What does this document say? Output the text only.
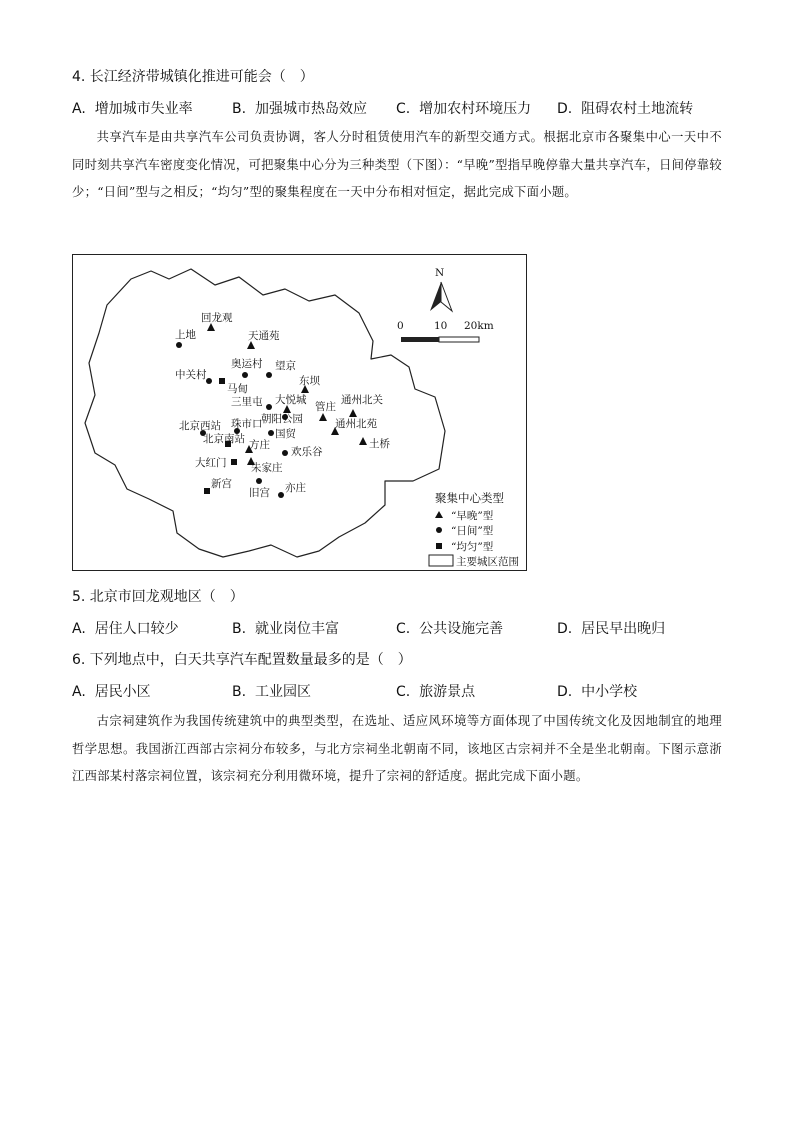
4. 长江经济带城镇化推进可能会（　）
A. 增加城市失业率	B. 加强城市热岛效应 C. 增加农村环境压力 D. 阻碍农村土地流转
共享汽车是由共享汽车公司负责协调，客人分时租赁使用汽车的新型交通方式。根据北京市各聚集中心一天中不同时刻共享汽车密度变化情况，可把聚集中心分为三种类型（下图）：“早晚”型指早晚停靠大量共享汽车，日间停靠较少；“日间”型与之相反；“均匀”型的聚集程度在一天中分布相对恒定，据此完成下面小题。
N
0	10 20km
回龙观
天通苑
上地
奥运村 望京
中关村
马甸
东坝
三里屯 大悦城
管庄
通州北关
北京西站 珠市口
朝阳公园	通州北苑
北京南站	国贸
方庄	土桥
大红门
欢乐谷
朱家庄
新宫
旧宫 亦庄
聚集中心类型
“早晚”型
“日间”型
“均匀”型
主要城区范围
5. 北京市回龙观地区（　）
A. 居住人口较少	B. 就业岗位丰富	C. 公共设施完善	D. 居民早出晚归
6. 下列地点中，白天共享汽车配置数量最多的是（　）
A. 居民小区	B. 工业园区	C. 旅游景点	D. 中小学校
古宗祠建筑作为我国传统建筑中的典型类型，在选址、适应风环境等方面体现了中国传统文化及因地制宜的地理哲学思想。我国浙江西部古宗祠分布较多，与北方宗祠坐北朝南不同，该地区古宗祠并不全是坐北朝南。下图示意浙江西部某村落宗祠位置，该宗祠充分利用微环境，提升了宗祠的舒适度。据此完成下面小题。
